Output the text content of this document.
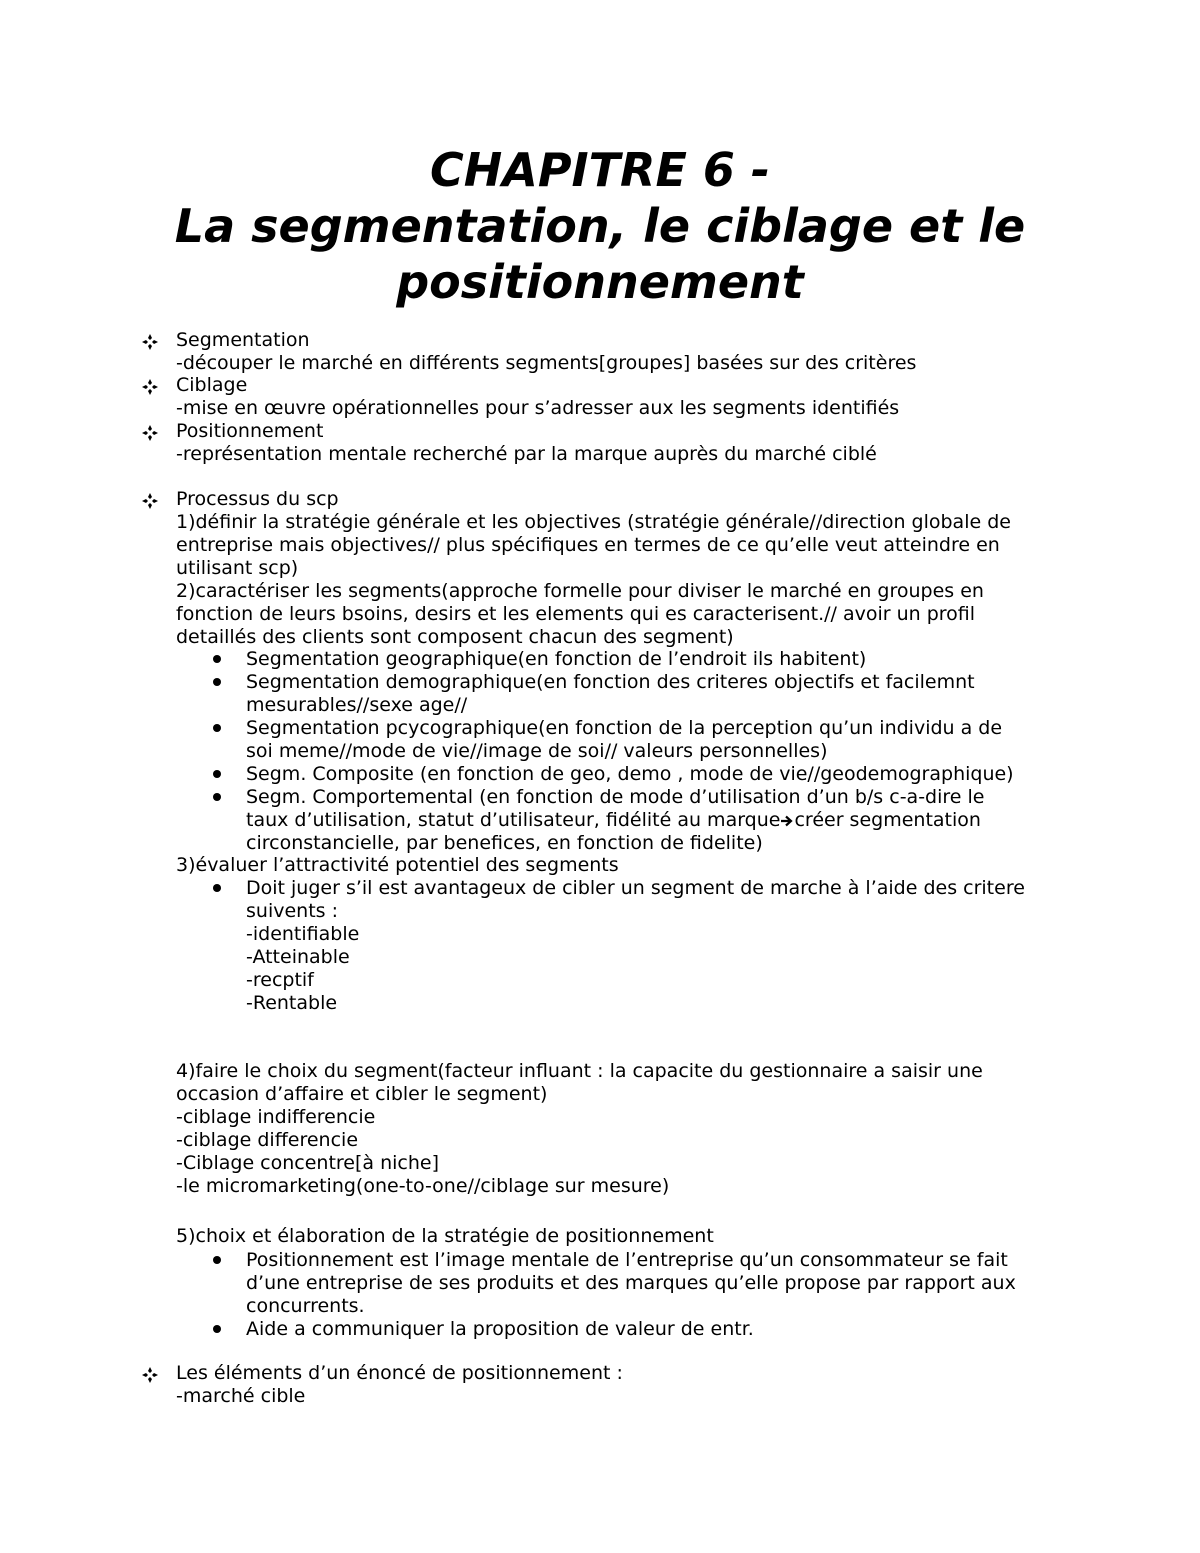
CHAPITRE 6 -
La segmentation, le ciblage et le
positionnement
Segmentation
-découper le marché en différents segments[groupes] basées sur des critères
Ciblage
-mise en œuvre opérationnelles pour s’adresser aux les segments identifiés
Positionnement
-représentation mentale recherché par la marque auprès du marché ciblé
Processus du scp
1)définir la stratégie générale et les objectives (stratégie générale//direction globale de
entreprise mais objectives// plus spécifiques en termes de ce qu’elle veut atteindre en
utilisant scp)
2)caractériser les segments(approche formelle pour diviser le marché en groupes en
fonction de leurs bsoins, desirs et les elements qui es caracterisent.// avoir un profil
detaillés des clients sont composent chacun des segment)
Segmentation geographique(en fonction de l’endroit ils habitent)
Segmentation demographique(en fonction des criteres objectifs et facilemnt
mesurables//sexe age//
Segmentation pcycographique(en fonction de la perception qu’un individu a de
soi meme//mode de vie//image de soi// valeurs personnelles)
Segm. Composite (en fonction de geo, demo , mode de vie//geodemographique)
Segm. Comportemental (en fonction de mode d’utilisation d’un b/s c-a-dire le
taux d’utilisation, statut d’utilisateur, fidélité au marque créer segmentation
circonstancielle, par benefices, en fonction de fidelite)
3)évaluer l’attractivité potentiel des segments
Doit juger s’il est avantageux de cibler un segment de marche à l’aide des critere
suivents :
-identifiable
-Atteinable
-recptif
-Rentable
4)faire le choix du segment(facteur influant : la capacite du gestionnaire a saisir une
occasion d’affaire et cibler le segment)
-ciblage indifferencie
-ciblage differencie
-Ciblage concentre[à niche]
-le micromarketing(one-to-one//ciblage sur mesure)
5)choix et élaboration de la stratégie de positionnement
Positionnement est l’image mentale de l’entreprise qu’un consommateur se fait
d’une entreprise de ses produits et des marques qu’elle propose par rapport aux
concurrents.
Aide a communiquer la proposition de valeur de entr.
Les éléments d’un énoncé de positionnement :
-marché cible
